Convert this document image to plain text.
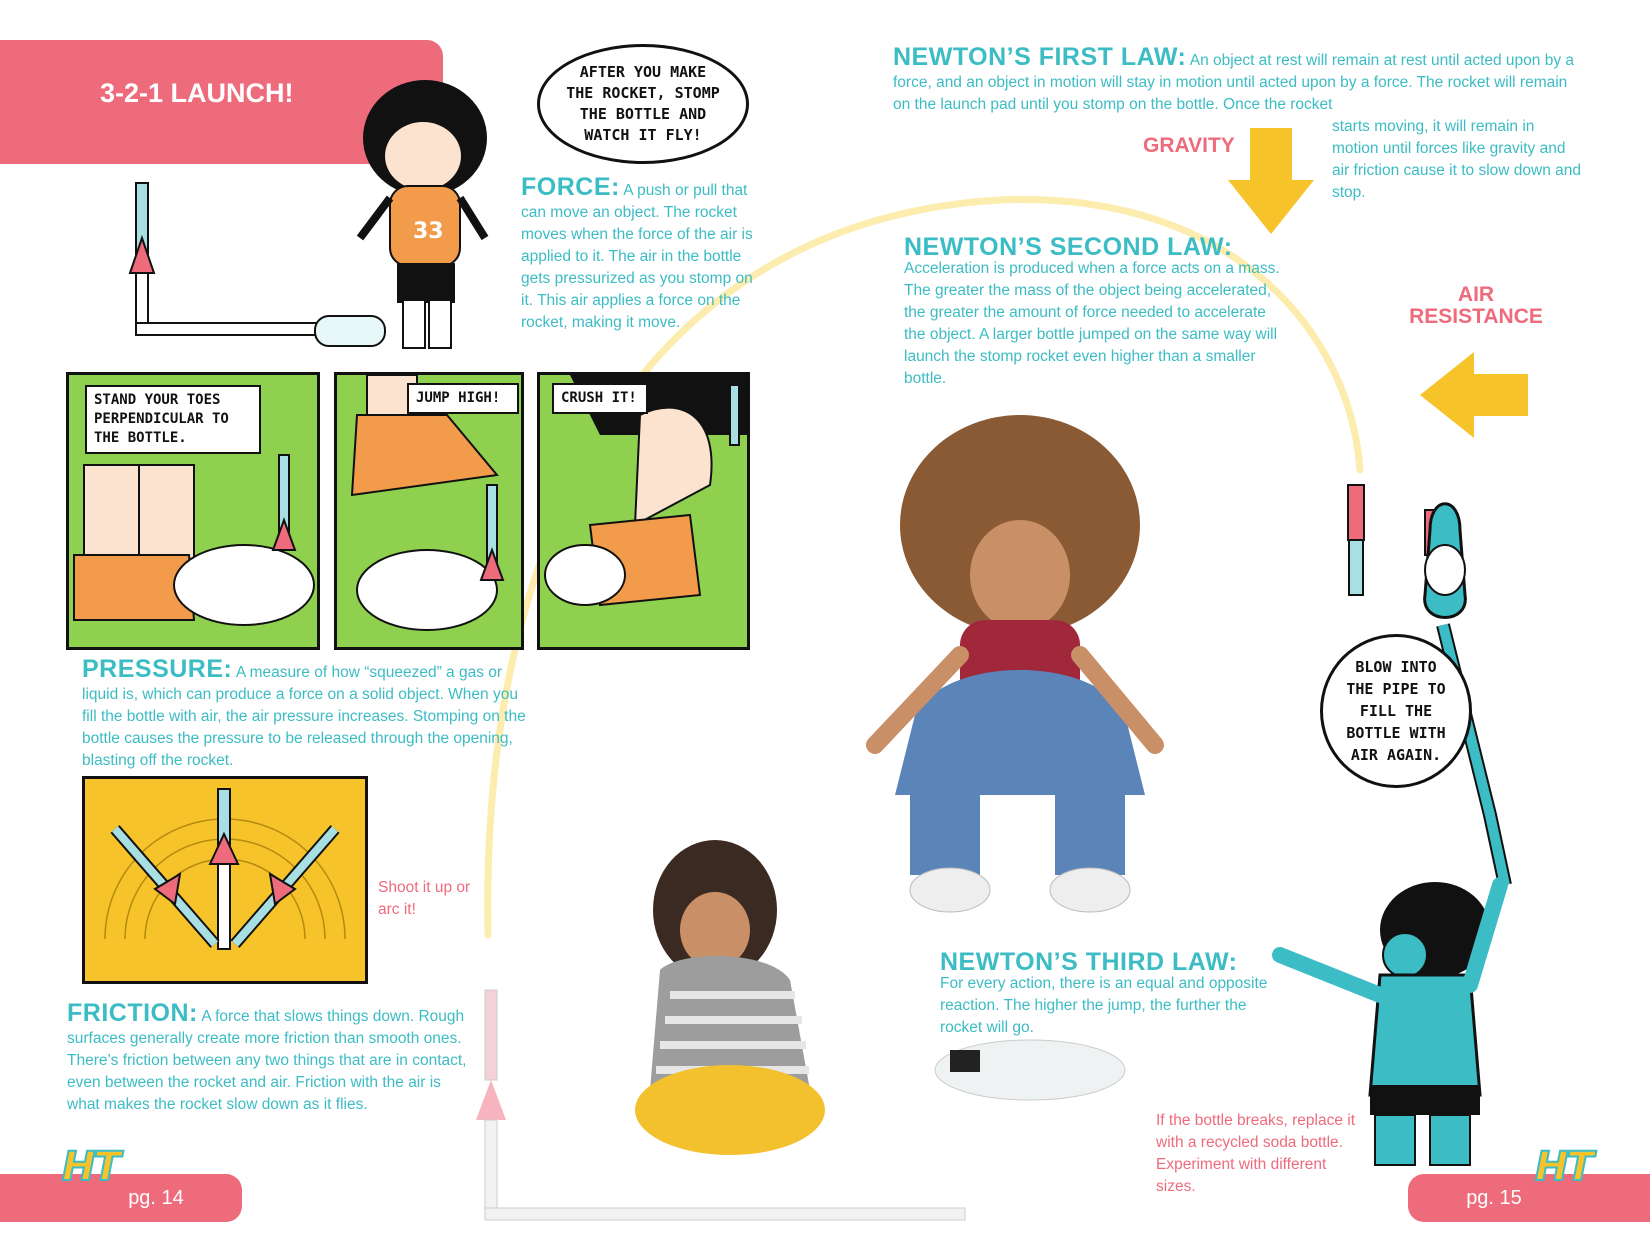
3-2-1 LAUNCH!
33
AFTER YOU MAKE THE ROCKET, STOMP THE BOTTLE AND WATCH IT FLY!
FORCE: A push or pull that can move an object. The rocket moves when the force of the air is applied to it. The air in the bottle gets pressurized as you stomp on it. This air applies a force on the rocket, making it move.
STAND YOUR TOES PERPENDICULAR TO THE BOTTLE.
JUMP HIGH!	CRUSH IT!
PRESSURE: A measure of how “squeezed” a gas or liquid is, which can produce a force on a solid object. When you fill the bottle with air, the air pressure increases. Stomping on the bottle causes the pressure to be released through the opening, blasting off the rocket.
Shoot it up or arc it!
FRICTION: A force that slows things down. Rough surfaces generally create more friction than smooth ones. There’s friction between any two things that are in contact, even between the rocket and air. Friction with the air is what makes the rocket slow down as it flies.
NEWTON’S FIRST LAW: An object at rest will remain at rest until acted upon by a force, and an object in motion will stay in motion until acted upon by a force. The rocket will remain on the launch pad until you stomp on the bottle. Once the rocket
starts moving, it will remain in motion until forces like gravity and air friction cause it to slow down and stop.
GRAVITY
AIR
RESISTANCE
NEWTON’S SECOND LAW:
Acceleration is produced when a force acts on a mass. The greater the mass of the object being accelerated, the greater the amount of force needed to accelerate the object. A larger bottle jumped on the same way will launch the stomp rocket even higher than a smaller bottle.
BLOW INTO THE PIPE TO FILL THE BOTTLE WITH AIR AGAIN.
NEWTON’S THIRD LAW:
For every action, there is an equal and opposite reaction. The higher the jump, the further the rocket will go.
If the bottle breaks, replace it with a recycled soda bottle. Experiment with different sizes.
pg. 14
HT
pg. 15
HT
